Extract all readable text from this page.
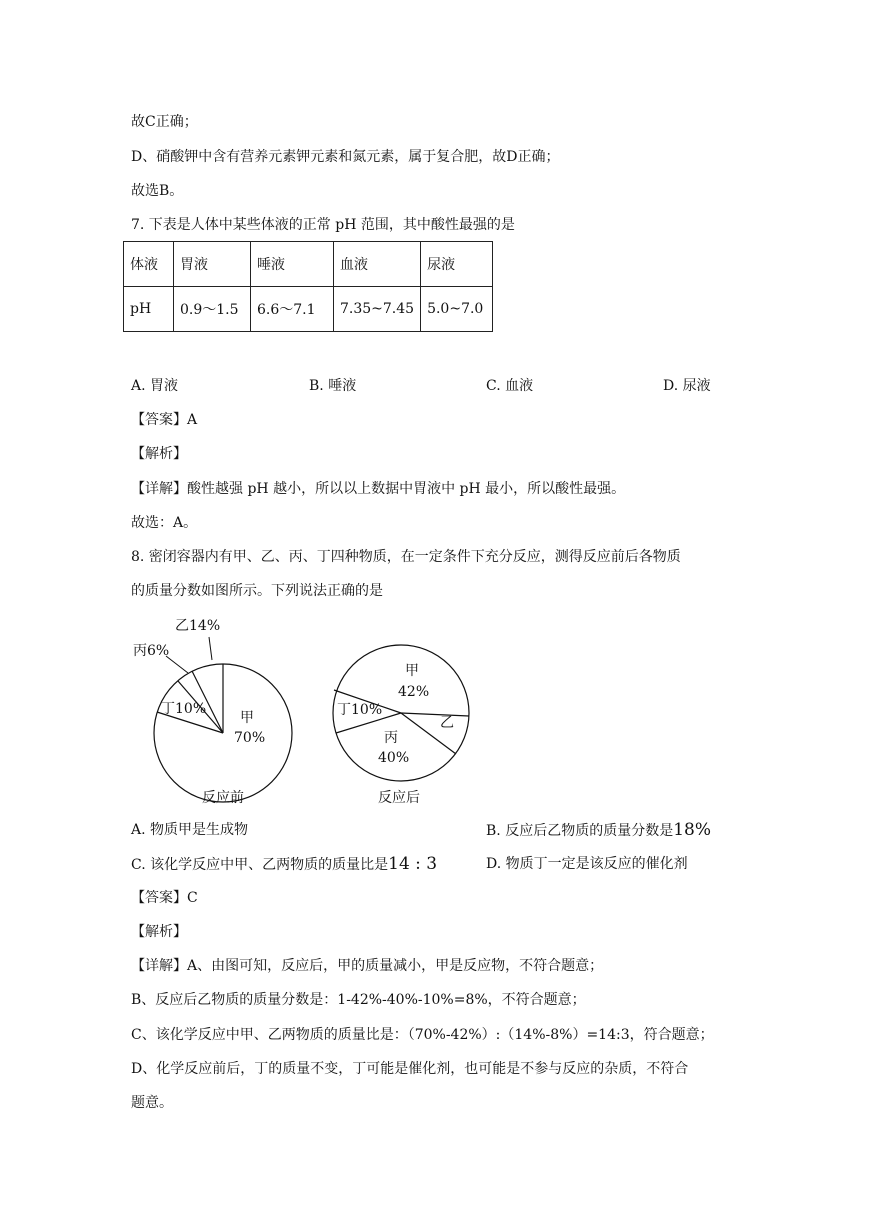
故C正确；
D、硝酸钾中含有营养元素钾元素和氮元素，属于复合肥，故D正确；
故选B。
7. 下表是人体中某些体液的正常 pH 范围，其中酸性最强的是
体液	胃液	唾液	血液	尿液
pH	0.9～1.5	6.6～7.1	7.35~7.45	5.0~7.0
A. 胃液	B. 唾液	C. 血液	D. 尿液
【答案】A
【解析】
【详解】酸性越强 pH 越小，所以以上数据中胃液中 pH 最小，所以酸性最强。
故选：A。
8. 密闭容器内有甲、乙、丙、丁四种物质，在一定条件下充分反应，测得反应前后各物质
的质量分数如图所示。下列说法正确的是
乙14%
丙6%
丁10%
甲
70%
反应前
甲
42%
丁10%
乙
丙
40%
反应后
A. 物质甲是生成物	B. 反应后乙物质的质量分数是18%
C. 该化学反应中甲、乙两物质的质量比是14 : 3	D. 物质丁一定是该反应的催化剂
【答案】C
【解析】
【详解】A、由图可知，反应后，甲的质量减小，甲是反应物，不符合题意；
B、反应后乙物质的质量分数是：1-42%-40%-10%=8%，不符合题意；
C、该化学反应中甲、乙两物质的质量比是：（70%-42%）:（14%-8%）=14:3，符合题意；
D、化学反应前后，丁的质量不变，丁可能是催化剂，也可能是不参与反应的杂质，不符合
题意。
